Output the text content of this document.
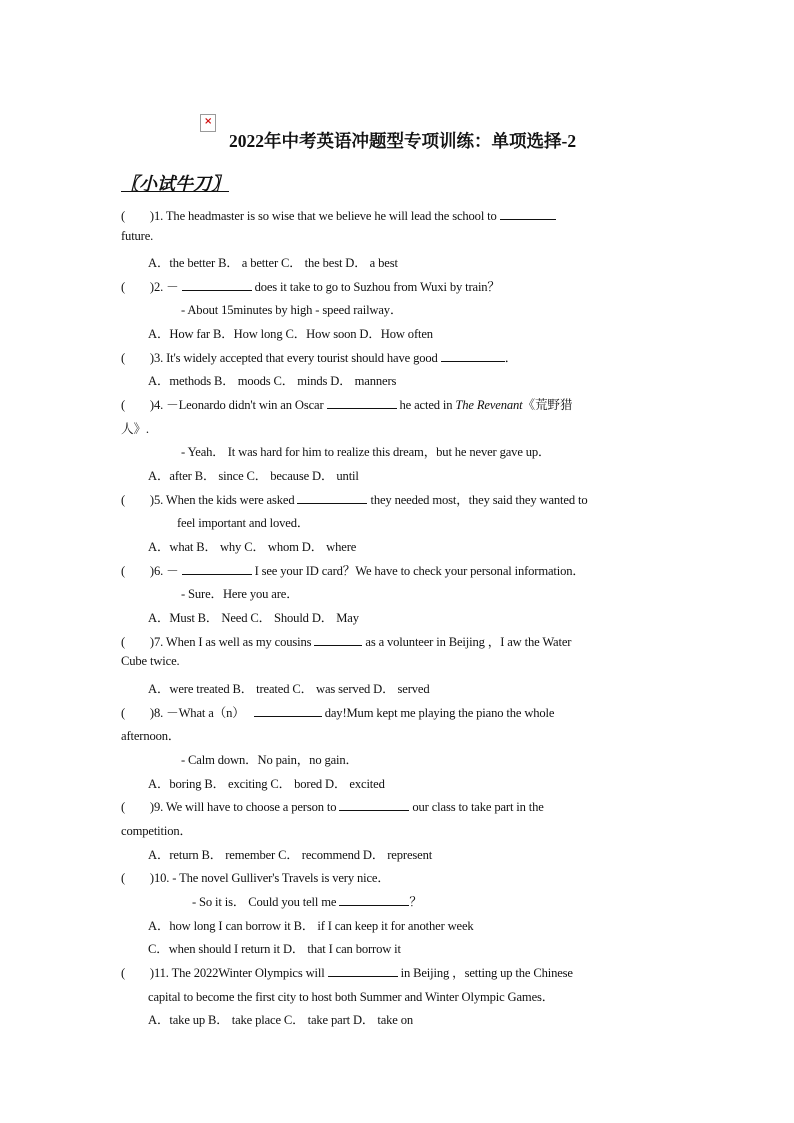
×
2022年中考英语冲题型专项训练：单项选择-2
〖小试牛刀〗
(　　)1. The headmaster is so wise that we believe he will lead the school to
future.
A．the better B． a better C． the best D． a best
(　　)2. －	does it take to go to Suzhou from Wuxi by train？
- About 15minutes by high - speed railway．
A．How far B．How long C．How soon D．How often
(　　)3. It's widely accepted that every tourist should have good	．
A．methods B． moods C． minds D． manners
(　　)4. －Leonardo didn't win an Oscar	he acted in The Revenant《荒野猎
人》.
- Yeah． It was hard for him to realize this dream，but he never gave up．
A．after B． since C． because D． until
(　　)5. When the kids were asked	they needed most，they said they wanted to
feel important and loved．
A．what B． why C． whom D． where
(　　)6. －	I see your ID card？We have to check your personal information．
- Sure．Here you are．
A．Must B． Need C． Should D． May
(　　)7. When I as well as my cousins	as a volunteer in Beijing ，I aw the Water
Cube twice.
A．were treated B． treated C． was served D． served
(　　)8. －What a（n）	day!Mum kept me playing the piano the whole
afternoon．
- Calm down．No pain，no gain．
A．boring B． exciting C． bored D． excited
(　　)9. We will have to choose a person to	our class to take part in the
competition．
A．return B． remember C． recommend D． represent
(　　)10. - The novel Gulliver's Travels is very nice．
- So it is． Could you tell me	？
A．how long I can borrow it B． if I can keep it for another week
C．when should I return it D． that I can borrow it
(　　)11. The 2022Winter Olympics will	in Beijing ，setting up the Chinese
capital to become the first city to host both Summer and Winter Olympic Games．
A．take up B． take place C． take part D． take on
